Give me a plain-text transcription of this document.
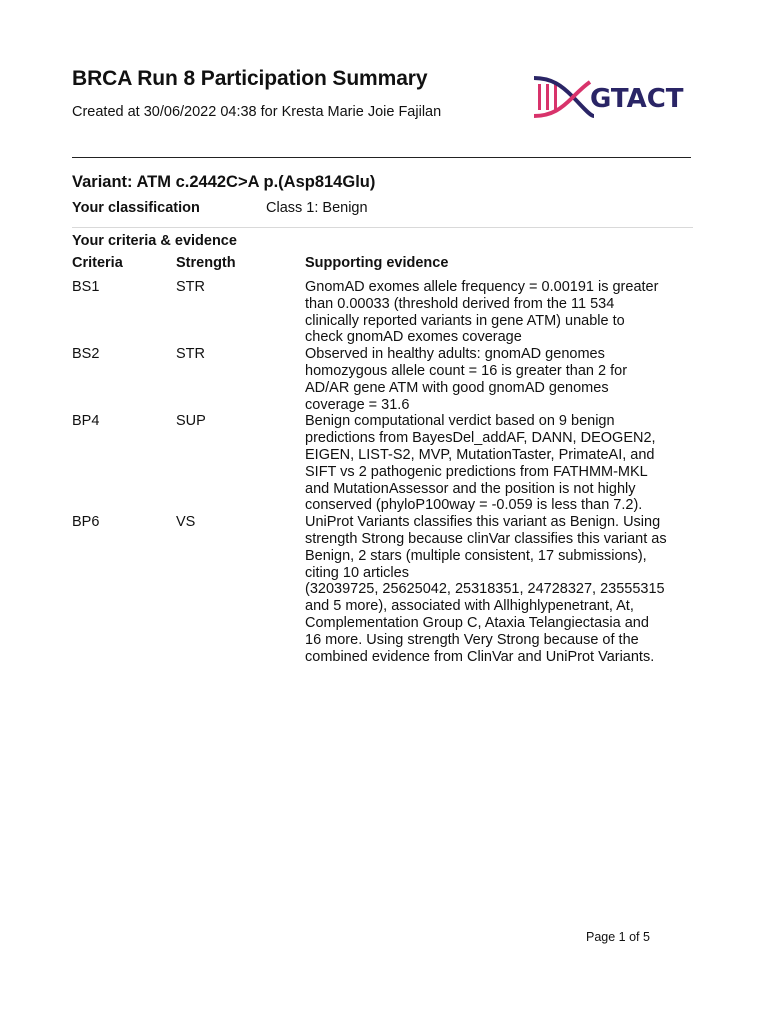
BRCA Run 8 Participation Summary
Created at 30/06/2022 04:38 for Kresta Marie Joie Fajilan	GTACT
Variant: ATM c.2442C>A p.(Asp814Glu)
Your classification	Class 1: Benign
Your criteria & evidence
Criteria	Strength	Supporting evidence
BS1	STR	GnomAD exomes allele frequency = 0.00191 is greater
than 0.00033 (threshold derived from the 11 534
clinically reported variants in gene ATM) unable to
check gnomAD exomes coverage
BS2	STR	Observed in healthy adults: gnomAD genomes
homozygous allele count = 16 is greater than 2 for
AD/AR gene ATM with good gnomAD genomes
coverage = 31.6
BP4	SUP	Benign computational verdict based on 9 benign
predictions from BayesDel_addAF, DANN, DEOGEN2,
EIGEN, LIST-S2, MVP, MutationTaster, PrimateAI, and
SIFT vs 2 pathogenic predictions from FATHMM-MKL
and MutationAssessor and the position is not highly
conserved (phyloP100way = -0.059 is less than 7.2).
BP6	VS	UniProt Variants classifies this variant as Benign. Using
strength Strong because clinVar classifies this variant as
Benign, 2 stars (multiple consistent, 17 submissions),
citing 10 articles
(32039725, 25625042, 25318351, 24728327, 23555315
and 5 more), associated with Allhighlypenetrant, At,
Complementation Group C, Ataxia Telangiectasia and
16 more. Using strength Very Strong because of the
combined evidence from ClinVar and UniProt Variants.
Page 1 of 5
